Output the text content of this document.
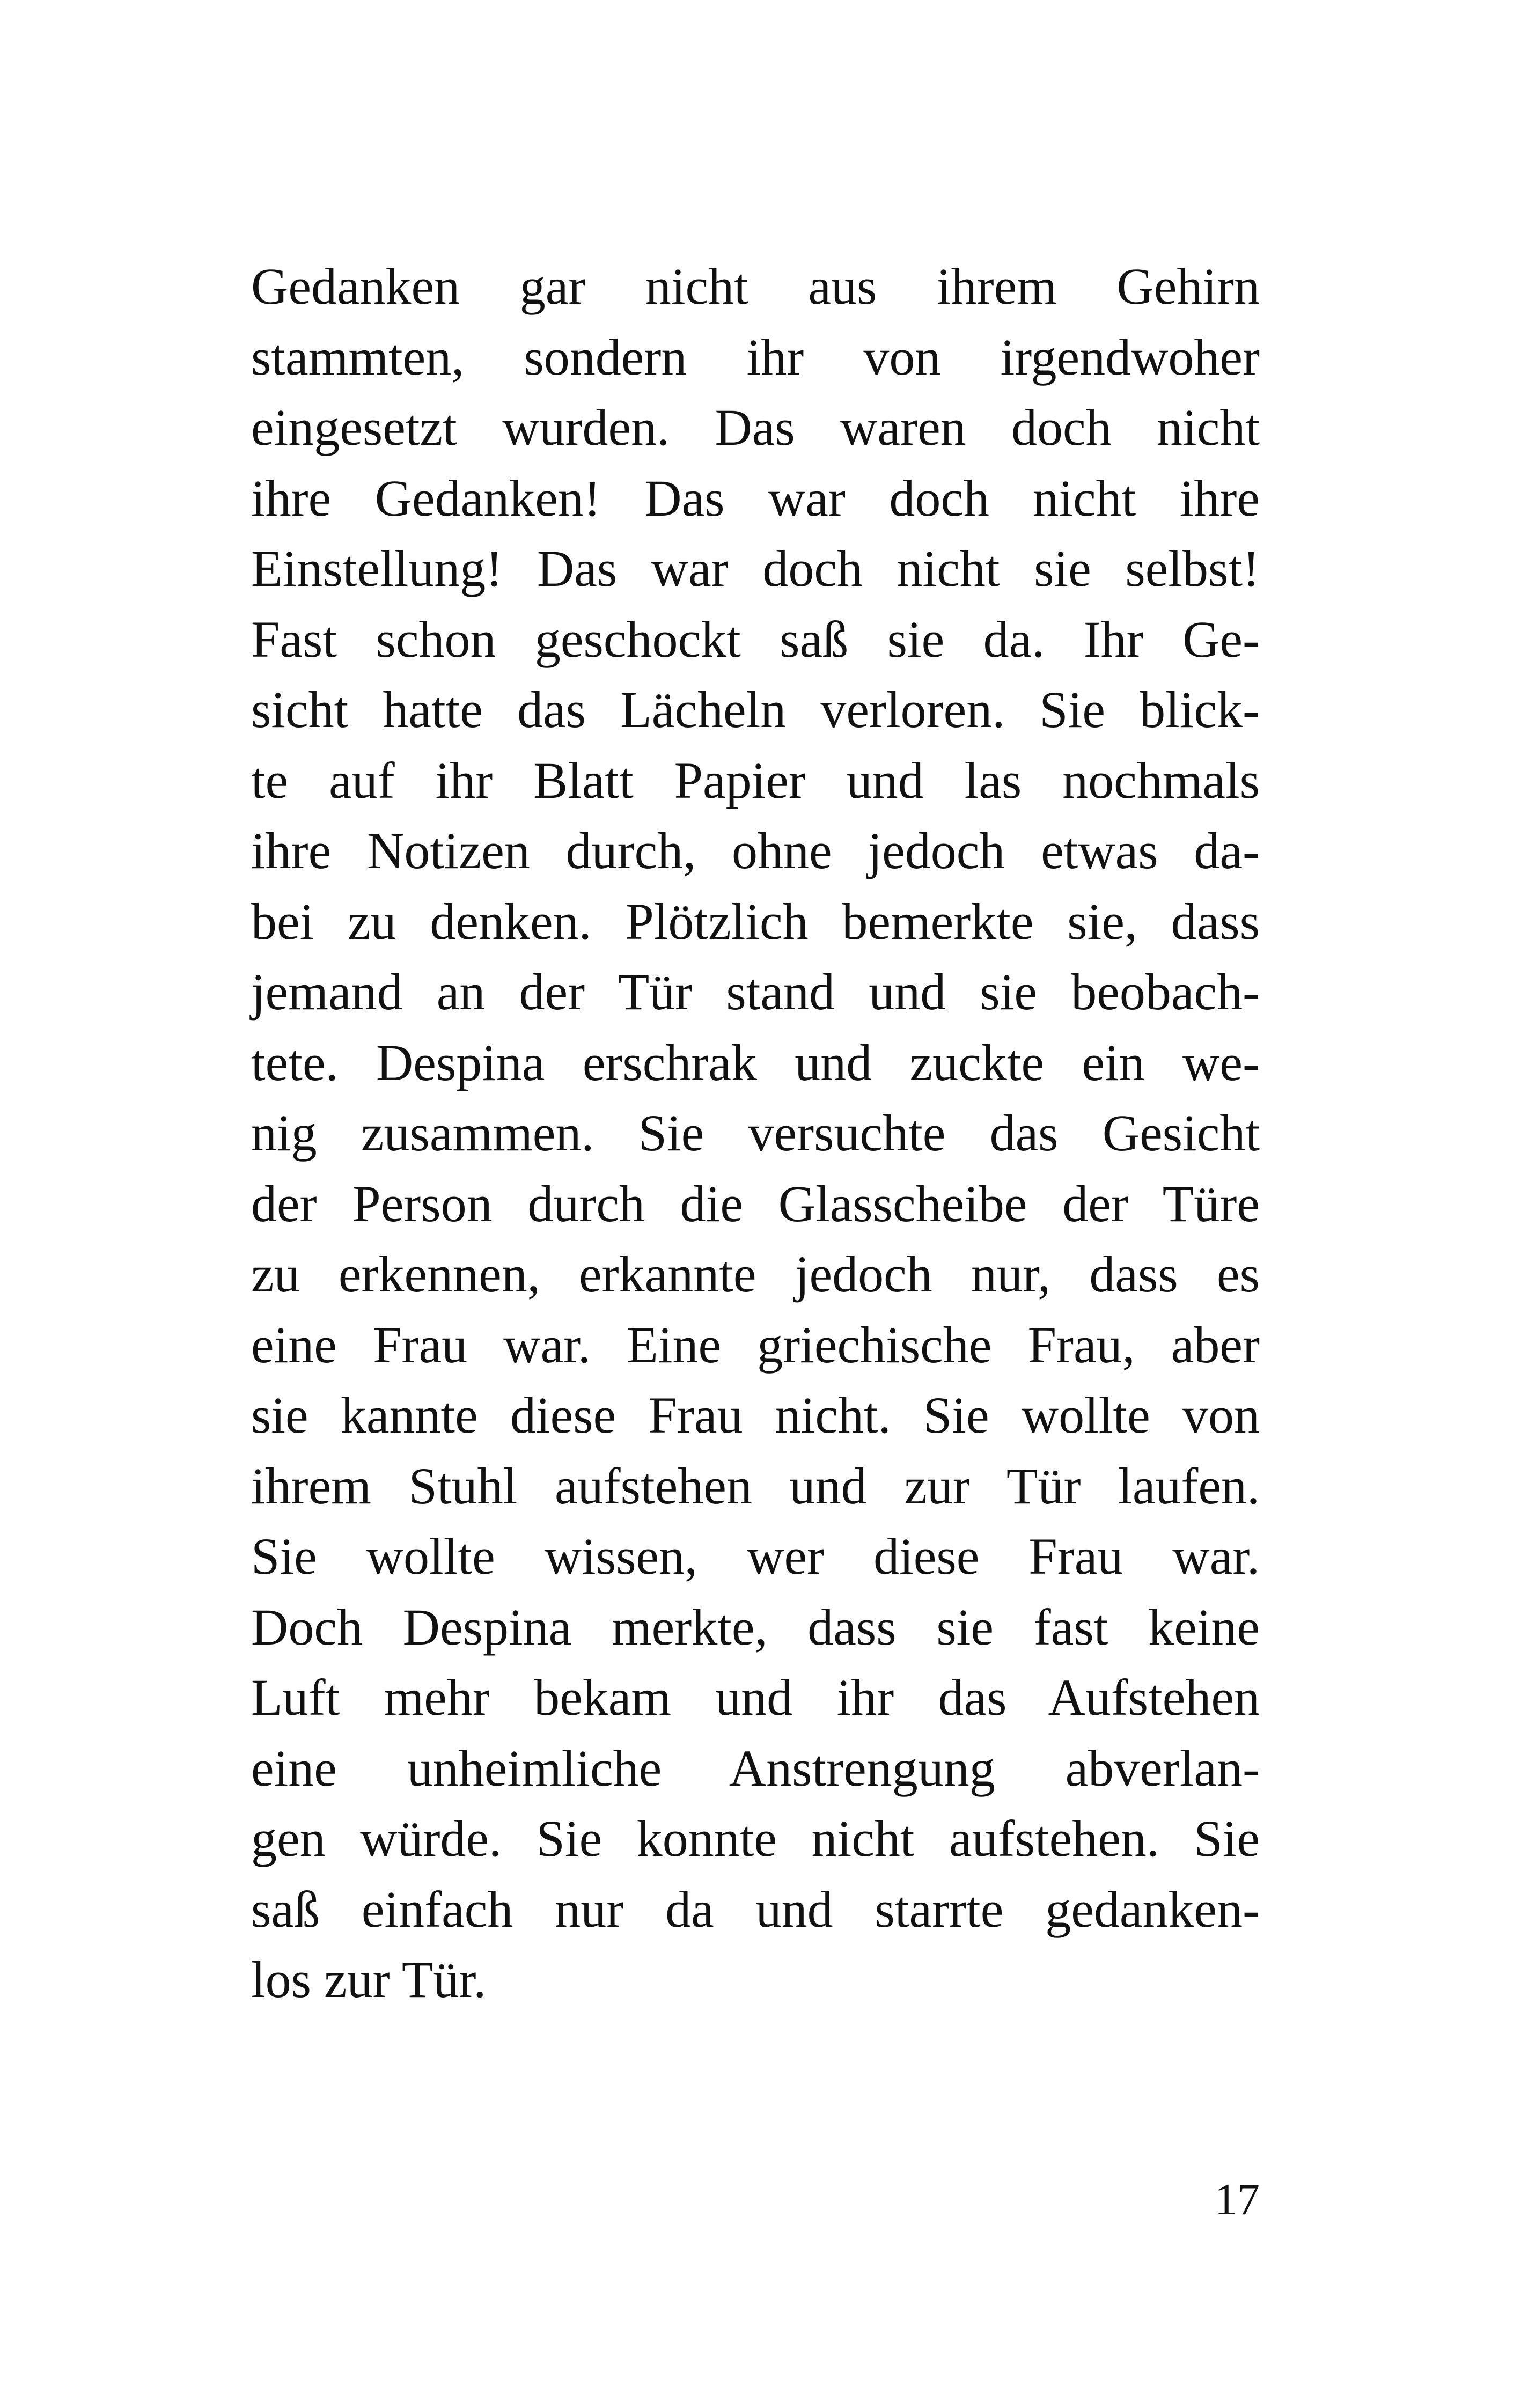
Gedanken gar nicht aus ihrem Gehirn
stammten, sondern ihr von irgendwoher
eingesetzt wurden. Das waren doch nicht
ihre Gedanken! Das war doch nicht ihre
Einstellung! Das war doch nicht sie selbst!
Fast schon geschockt saß sie da. Ihr Ge-
sicht hatte das Lächeln verloren. Sie blick-
te auf ihr Blatt Papier und las nochmals
ihre Notizen durch, ohne jedoch etwas da-
bei zu denken. Plötzlich bemerkte sie, dass
jemand an der Tür stand und sie beobach-
tete. Despina erschrak und zuckte ein we-
nig zusammen. Sie versuchte das Gesicht
der Person durch die Glasscheibe der Türe
zu erkennen, erkannte jedoch nur, dass es
eine Frau war. Eine griechische Frau, aber
sie kannte diese Frau nicht. Sie wollte von
ihrem Stuhl aufstehen und zur Tür laufen.
Sie wollte wissen, wer diese Frau war.
Doch Despina merkte, dass sie fast keine
Luft mehr bekam und ihr das Aufstehen
eine unheimliche Anstrengung abverlan-
gen würde. Sie konnte nicht aufstehen. Sie
saß einfach nur da und starrte gedanken-
los zur Tür.
17
